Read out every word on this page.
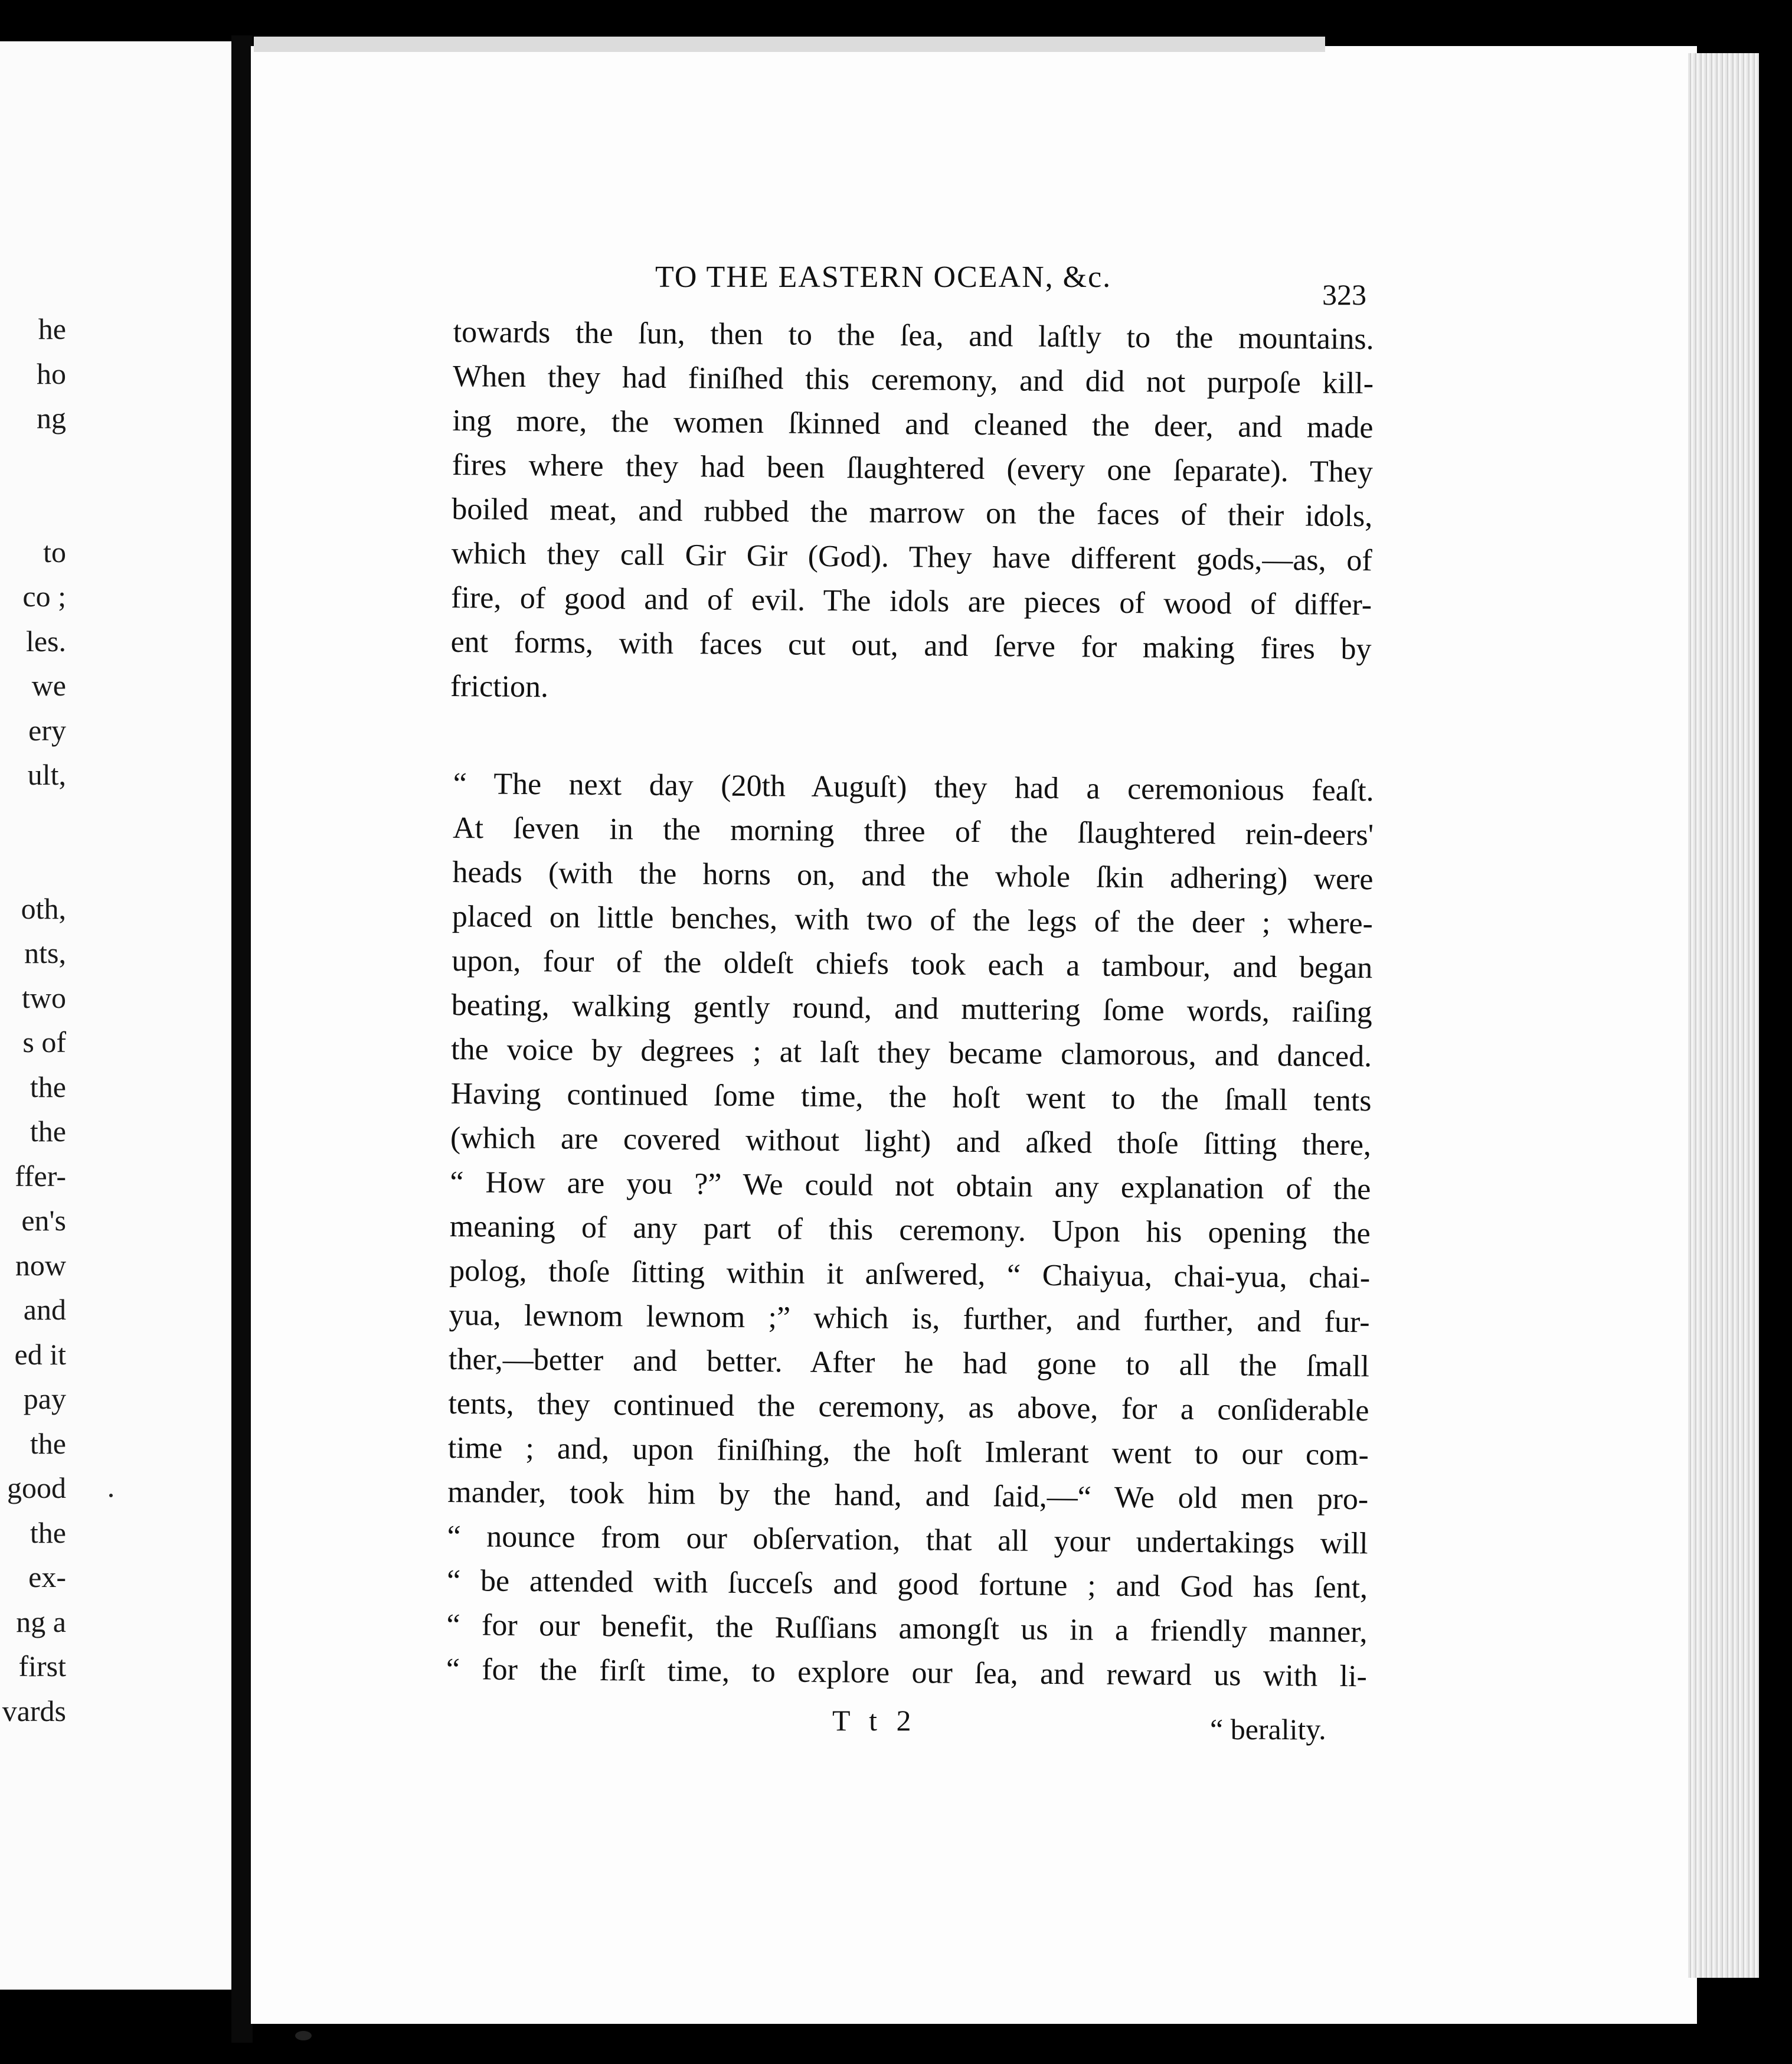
he
ho
ng
to
co ;
les.
we
ery
ult,
oth,
nts,
two
s of
the
the
ffer-
en's
now
and
ed it
pay
the
good
the
ex-
ng a
first
vards
TO THE EASTERN OCEAN, &c.
323
towards the ſun, then to the ſea, and laſtly to the mountains.
When they had finiſhed this ceremony, and did not purpoſe kill-
ing more, the women ſkinned and cleaned the deer, and made
fires where they had been ſlaughtered (every one ſeparate). They
boiled meat, and rubbed the marrow on the faces of their idols,
which they call Gir Gir (God). They have different gods,—as, of
fire, of good and of evil. The idols are pieces of wood of differ-
ent forms, with faces cut out, and ſerve for making fires by
friction.
“ The next day (20th Auguſt) they had a ceremonious feaſt.
At ſeven in the morning three of the ſlaughtered rein-deers'
heads (with the horns on, and the whole ſkin adhering) were
placed on little benches, with two of the legs of the deer ; where-
upon, four of the oldeſt chiefs took each a tambour, and began
beating, walking gently round, and muttering ſome words, raiſing
the voice by degrees ; at laſt they became clamorous, and danced.
Having continued ſome time, the hoſt went to the ſmall tents
(which are covered without light) and aſked thoſe ſitting there,
“ How are you ?” We could not obtain any explanation of the
meaning of any part of this ceremony. Upon his opening the
polog, thoſe ſitting within it anſwered, “ Chaiyua, chai-yua, chai-
yua, lewnom lewnom ;” which is, further, and further, and fur-
ther,—better and better. After he had gone to all the ſmall
tents, they continued the ceremony, as above, for a conſiderable
time ; and, upon finiſhing, the hoſt Imlerant went to our com-
mander, took him by the hand, and ſaid,—“ We old men pro-
“ nounce from our obſervation, that all your undertakings will
“ be attended with ſucceſs and good fortune ; and God has ſent,
“ for our benefit, the Ruſſians amongſt us in a friendly manner,
“ for the firſt time, to explore our ſea, and reward us with li-
T t 2	“ berality.
